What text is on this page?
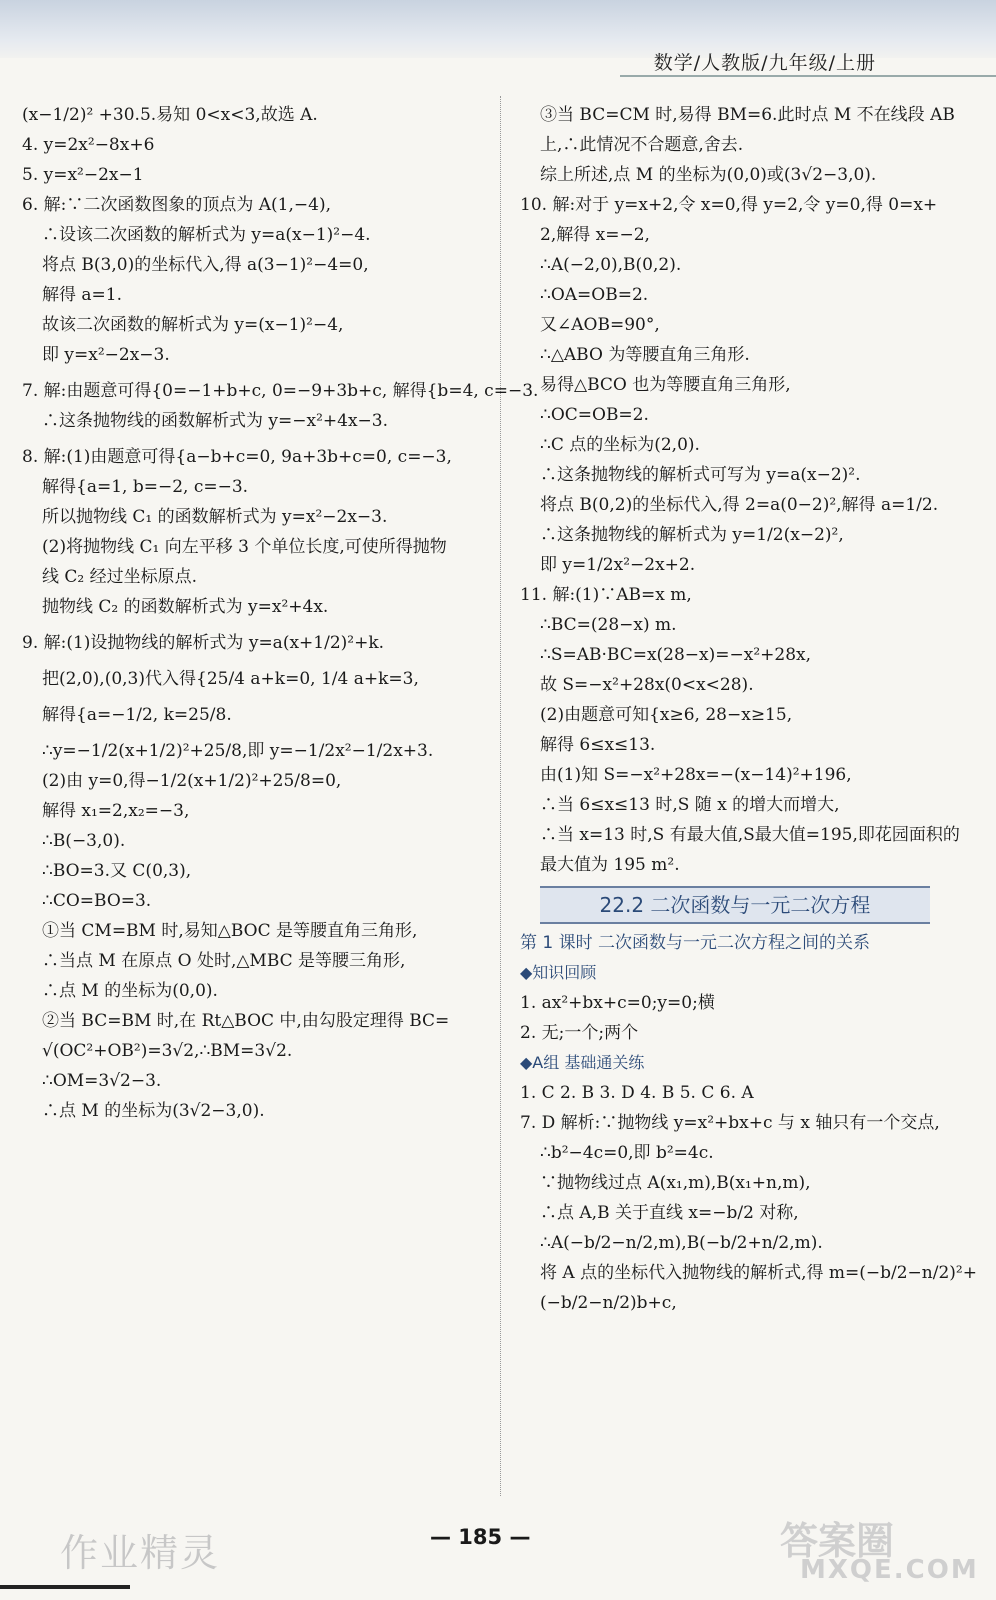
数学/人教版/九年级/上册
(x−1/2)² +30.5.易知 0<x<3,故选 A.
4. y=2x²−8x+6
5. y=x²−2x−1
6. 解:∵二次函数图象的顶点为 A(1,−4),
∴设该二次函数的解析式为 y=a(x−1)²−4.
将点 B(3,0)的坐标代入,得 a(3−1)²−4=0,
解得 a=1.
故该二次函数的解析式为 y=(x−1)²−4,
即 y=x²−2x−3.
7. 解:由题意可得{0=−1+b+c, 0=−9+3b+c, 解得{b=4, c=−3.
∴这条抛物线的函数解析式为 y=−x²+4x−3.
8. 解:(1)由题意可得{a−b+c=0, 9a+3b+c=0, c=−3,
解得{a=1, b=−2, c=−3.
所以抛物线 C₁ 的函数解析式为 y=x²−2x−3.
(2)将抛物线 C₁ 向左平移 3 个单位长度,可使所得抛物
线 C₂ 经过坐标原点.
抛物线 C₂ 的函数解析式为 y=x²+4x.
9. 解:(1)设抛物线的解析式为 y=a(x+1/2)²+k.
把(2,0),(0,3)代入得{25/4 a+k=0, 1/4 a+k=3,
解得{a=−1/2, k=25/8.
∴y=−1/2(x+1/2)²+25/8,即 y=−1/2x²−1/2x+3.
(2)由 y=0,得−1/2(x+1/2)²+25/8=0,
解得 x₁=2,x₂=−3,
∴B(−3,0).
∴BO=3.又 C(0,3),
∴CO=BO=3.
①当 CM=BM 时,易知△BOC 是等腰直角三角形,
∴当点 M 在原点 O 处时,△MBC 是等腰三角形,
∴点 M 的坐标为(0,0).
②当 BC=BM 时,在 Rt△BOC 中,由勾股定理得 BC=
√(OC²+OB²)=3√2,∴BM=3√2.
∴OM=3√2−3.
∴点 M 的坐标为(3√2−3,0).
③当 BC=CM 时,易得 BM=6.此时点 M 不在线段 AB
上,∴此情况不合题意,舍去.
综上所述,点 M 的坐标为(0,0)或(3√2−3,0).
10. 解:对于 y=x+2,令 x=0,得 y=2,令 y=0,得 0=x+
2,解得 x=−2,
∴A(−2,0),B(0,2).
∴OA=OB=2.
又∠AOB=90°,
∴△ABO 为等腰直角三角形.
易得△BCO 也为等腰直角三角形,
∴OC=OB=2.
∴C 点的坐标为(2,0).
∴这条抛物线的解析式可写为 y=a(x−2)².
将点 B(0,2)的坐标代入,得 2=a(0−2)²,解得 a=1/2.
∴这条抛物线的解析式为 y=1/2(x−2)²,
即 y=1/2x²−2x+2.
11. 解:(1)∵AB=x m,
∴BC=(28−x) m.
∴S=AB·BC=x(28−x)=−x²+28x,
故 S=−x²+28x(0<x<28).
(2)由题意可知{x≥6, 28−x≥15,
解得 6≤x≤13.
由(1)知 S=−x²+28x=−(x−14)²+196,
∴当 6≤x≤13 时,S 随 x 的增大而增大,
∴当 x=13 时,S 有最大值,S最大值=195,即花园面积的
最大值为 195 m².
22.2 二次函数与一元二次方程
第 1 课时 二次函数与一元二次方程之间的关系
◆知识回顾
1. ax²+bx+c=0;y=0;横
2. 无;一个;两个
◆A组 基础通关练
1. C 2. B 3. D 4. B 5. C 6. A
7. D 解析:∵抛物线 y=x²+bx+c 与 x 轴只有一个交点,
∴b²−4c=0,即 b²=4c.
∵抛物线过点 A(x₁,m),B(x₁+n,m),
∴点 A,B 关于直线 x=−b/2 对称,
∴A(−b/2−n/2,m),B(−b/2+n/2,m).
将 A 点的坐标代入抛物线的解析式,得 m=(−b/2−n/2)²+
(−b/2−n/2)b+c,
作业精灵	— 185 —	答案圈
MXQE.COM
